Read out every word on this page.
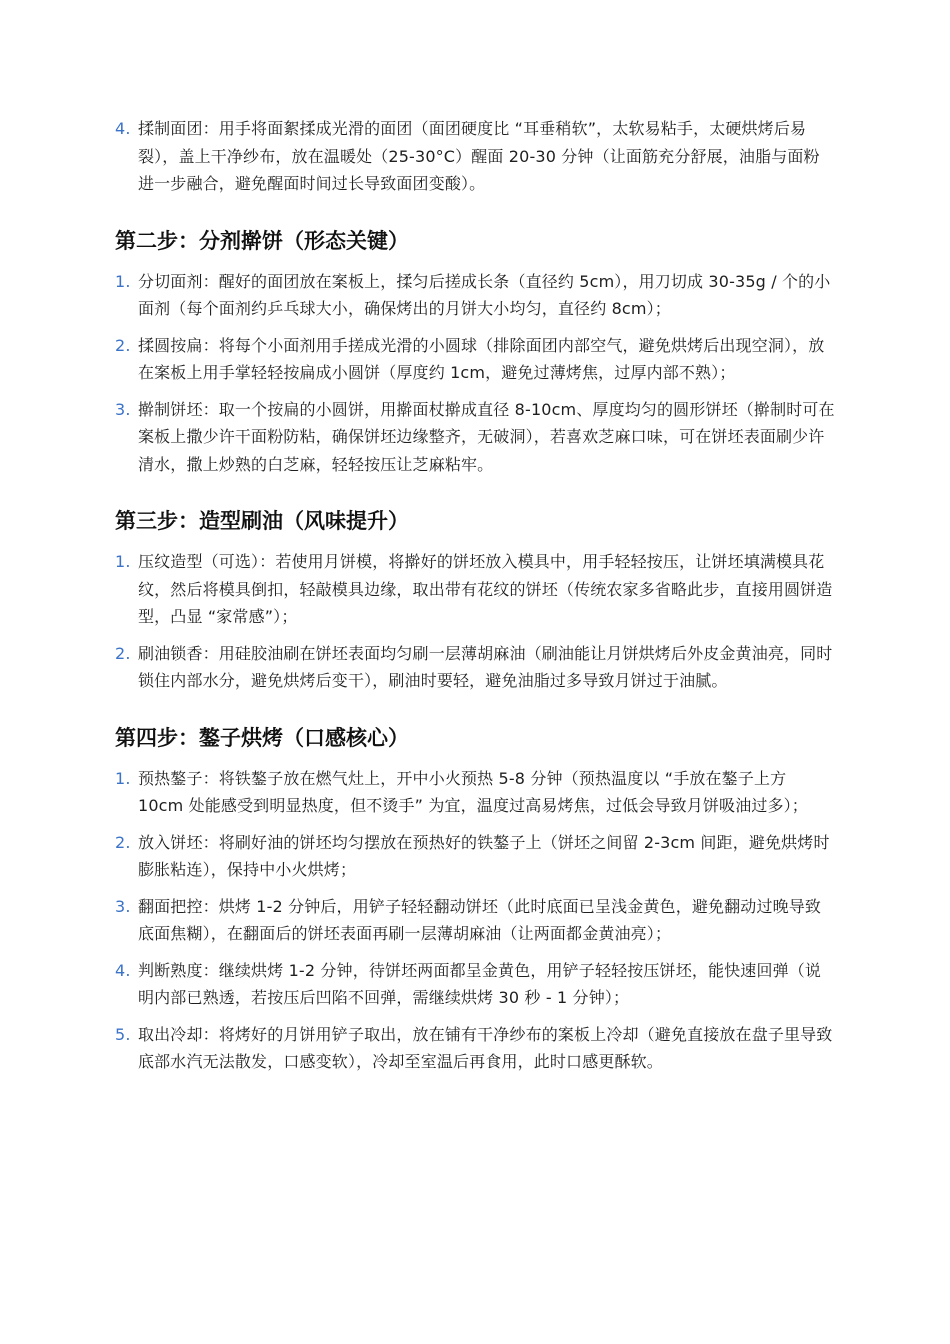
4. 揉制面团：用手将面絮揉成光滑的面团（面团硬度比 “耳垂稍软”，太软易粘手，太硬烘烤后易裂），盖上干净纱布，放在温暖处（25-30°C）醒面 20-30 分钟（让面筋充分舒展，油脂与面粉进一步融合，避免醒面时间过长导致面团变酸）。
第二步：分剂擀饼（形态关键）
1. 分切面剂：醒好的面团放在案板上，揉匀后搓成长条（直径约 5cm），用刀切成 30-35g / 个的小面剂（每个面剂约乒乓球大小，确保烤出的月饼大小均匀，直径约 8cm）；
2. 揉圆按扁：将每个小面剂用手搓成光滑的小圆球（排除面团内部空气，避免烘烤后出现空洞），放在案板上用手掌轻轻按扁成小圆饼（厚度约 1cm，避免过薄烤焦，过厚内部不熟）；
3. 擀制饼坯：取一个按扁的小圆饼，用擀面杖擀成直径 8-10cm、厚度均匀的圆形饼坯（擀制时可在案板上撒少许干面粉防粘，确保饼坯边缘整齐，无破洞），若喜欢芝麻口味，可在饼坯表面刷少许清水，撒上炒熟的白芝麻，轻轻按压让芝麻粘牢。
第三步：造型刷油（风味提升）
1. 压纹造型（可选）：若使用月饼模，将擀好的饼坯放入模具中，用手轻轻按压，让饼坯填满模具花纹，然后将模具倒扣，轻敲模具边缘，取出带有花纹的饼坯（传统农家多省略此步，直接用圆饼造型，凸显 “家常感”）；
2. 刷油锁香：用硅胶油刷在饼坯表面均匀刷一层薄胡麻油（刷油能让月饼烘烤后外皮金黄油亮，同时锁住内部水分，避免烘烤后变干），刷油时要轻，避免油脂过多导致月饼过于油腻。
第四步：鏊子烘烤（口感核心）
1. 预热鏊子：将铁鏊子放在燃气灶上，开中小火预热 5-8 分钟（预热温度以 “手放在鏊子上方 10cm 处能感受到明显热度，但不烫手” 为宜，温度过高易烤焦，过低会导致月饼吸油过多）；
2. 放入饼坯：将刷好油的饼坯均匀摆放在预热好的铁鏊子上（饼坯之间留 2-3cm 间距，避免烘烤时膨胀粘连），保持中小火烘烤；
3. 翻面把控：烘烤 1-2 分钟后，用铲子轻轻翻动饼坯（此时底面已呈浅金黄色，避免翻动过晚导致底面焦糊），在翻面后的饼坯表面再刷一层薄胡麻油（让两面都金黄油亮）；
4. 判断熟度：继续烘烤 1-2 分钟，待饼坯两面都呈金黄色，用铲子轻轻按压饼坯，能快速回弹（说明内部已熟透，若按压后凹陷不回弹，需继续烘烤 30 秒 - 1 分钟）；
5. 取出冷却：将烤好的月饼用铲子取出，放在铺有干净纱布的案板上冷却（避免直接放在盘子里导致底部水汽无法散发，口感变软），冷却至室温后再食用，此时口感更酥软。
